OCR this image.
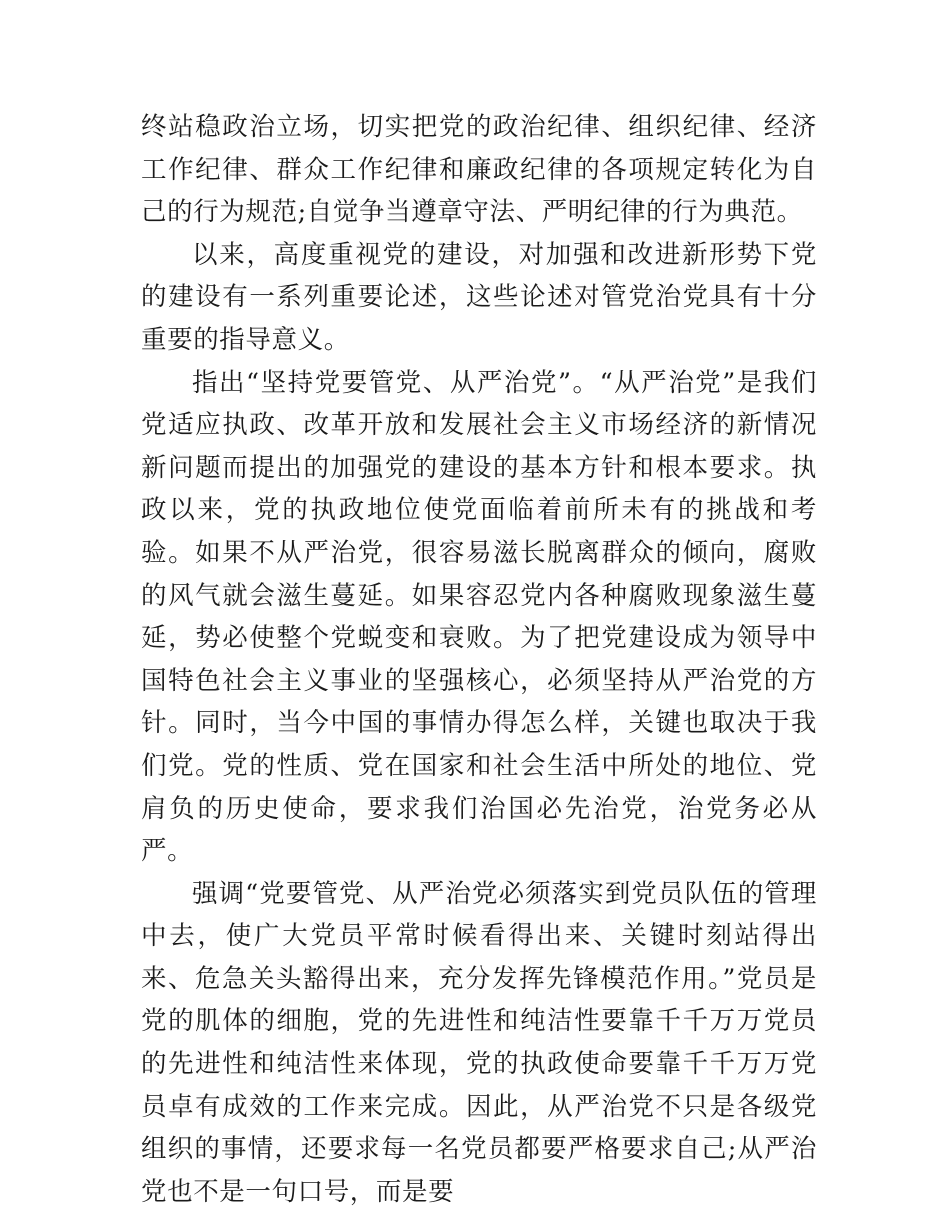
终站稳政治立场，切实把党的政治纪律、组织纪律、经济工作纪律、群众工作纪律和廉政纪律的各项规定转化为自己的行为规范;自觉争当遵章守法、严明纪律的行为典范。

以来，高度重视党的建设，对加强和改进新形势下党的建设有一系列重要论述，这些论述对管党治党具有十分重要的指导意义。

指出“坚持党要管党、从严治党”。“从严治党”是我们党适应执政、改革开放和发展社会主义市场经济的新情况新问题而提出的加强党的建设的基本方针和根本要求。执政以来，党的执政地位使党面临着前所未有的挑战和考验。如果不从严治党，很容易滋长脱离群众的倾向，腐败的风气就会滋生蔓延。如果容忍党内各种腐败现象滋生蔓延，势必使整个党蜕变和衰败。为了把党建设成为领导中国特色社会主义事业的坚强核心，必须坚持从严治党的方针。同时，当今中国的事情办得怎么样，关键也取决于我们党。党的性质、党在国家和社会生活中所处的地位、党肩负的历史使命，要求我们治国必先治党，治党务必从严。

强调“党要管党、从严治党必须落实到党员队伍的管理中去，使广大党员平常时候看得出来、关键时刻站得出来、危急关头豁得出来，充分发挥先锋模范作用。”党员是党的肌体的细胞，党的先进性和纯洁性要靠千千万万党员的先进性和纯洁性来体现，党的执政使命要靠千千万万党员卓有成效的工作来完成。因此，从严治党不只是各级党组织的事情，还要求每一名党员都要严格要求自己;从严治党也不是一句口号，而是要
